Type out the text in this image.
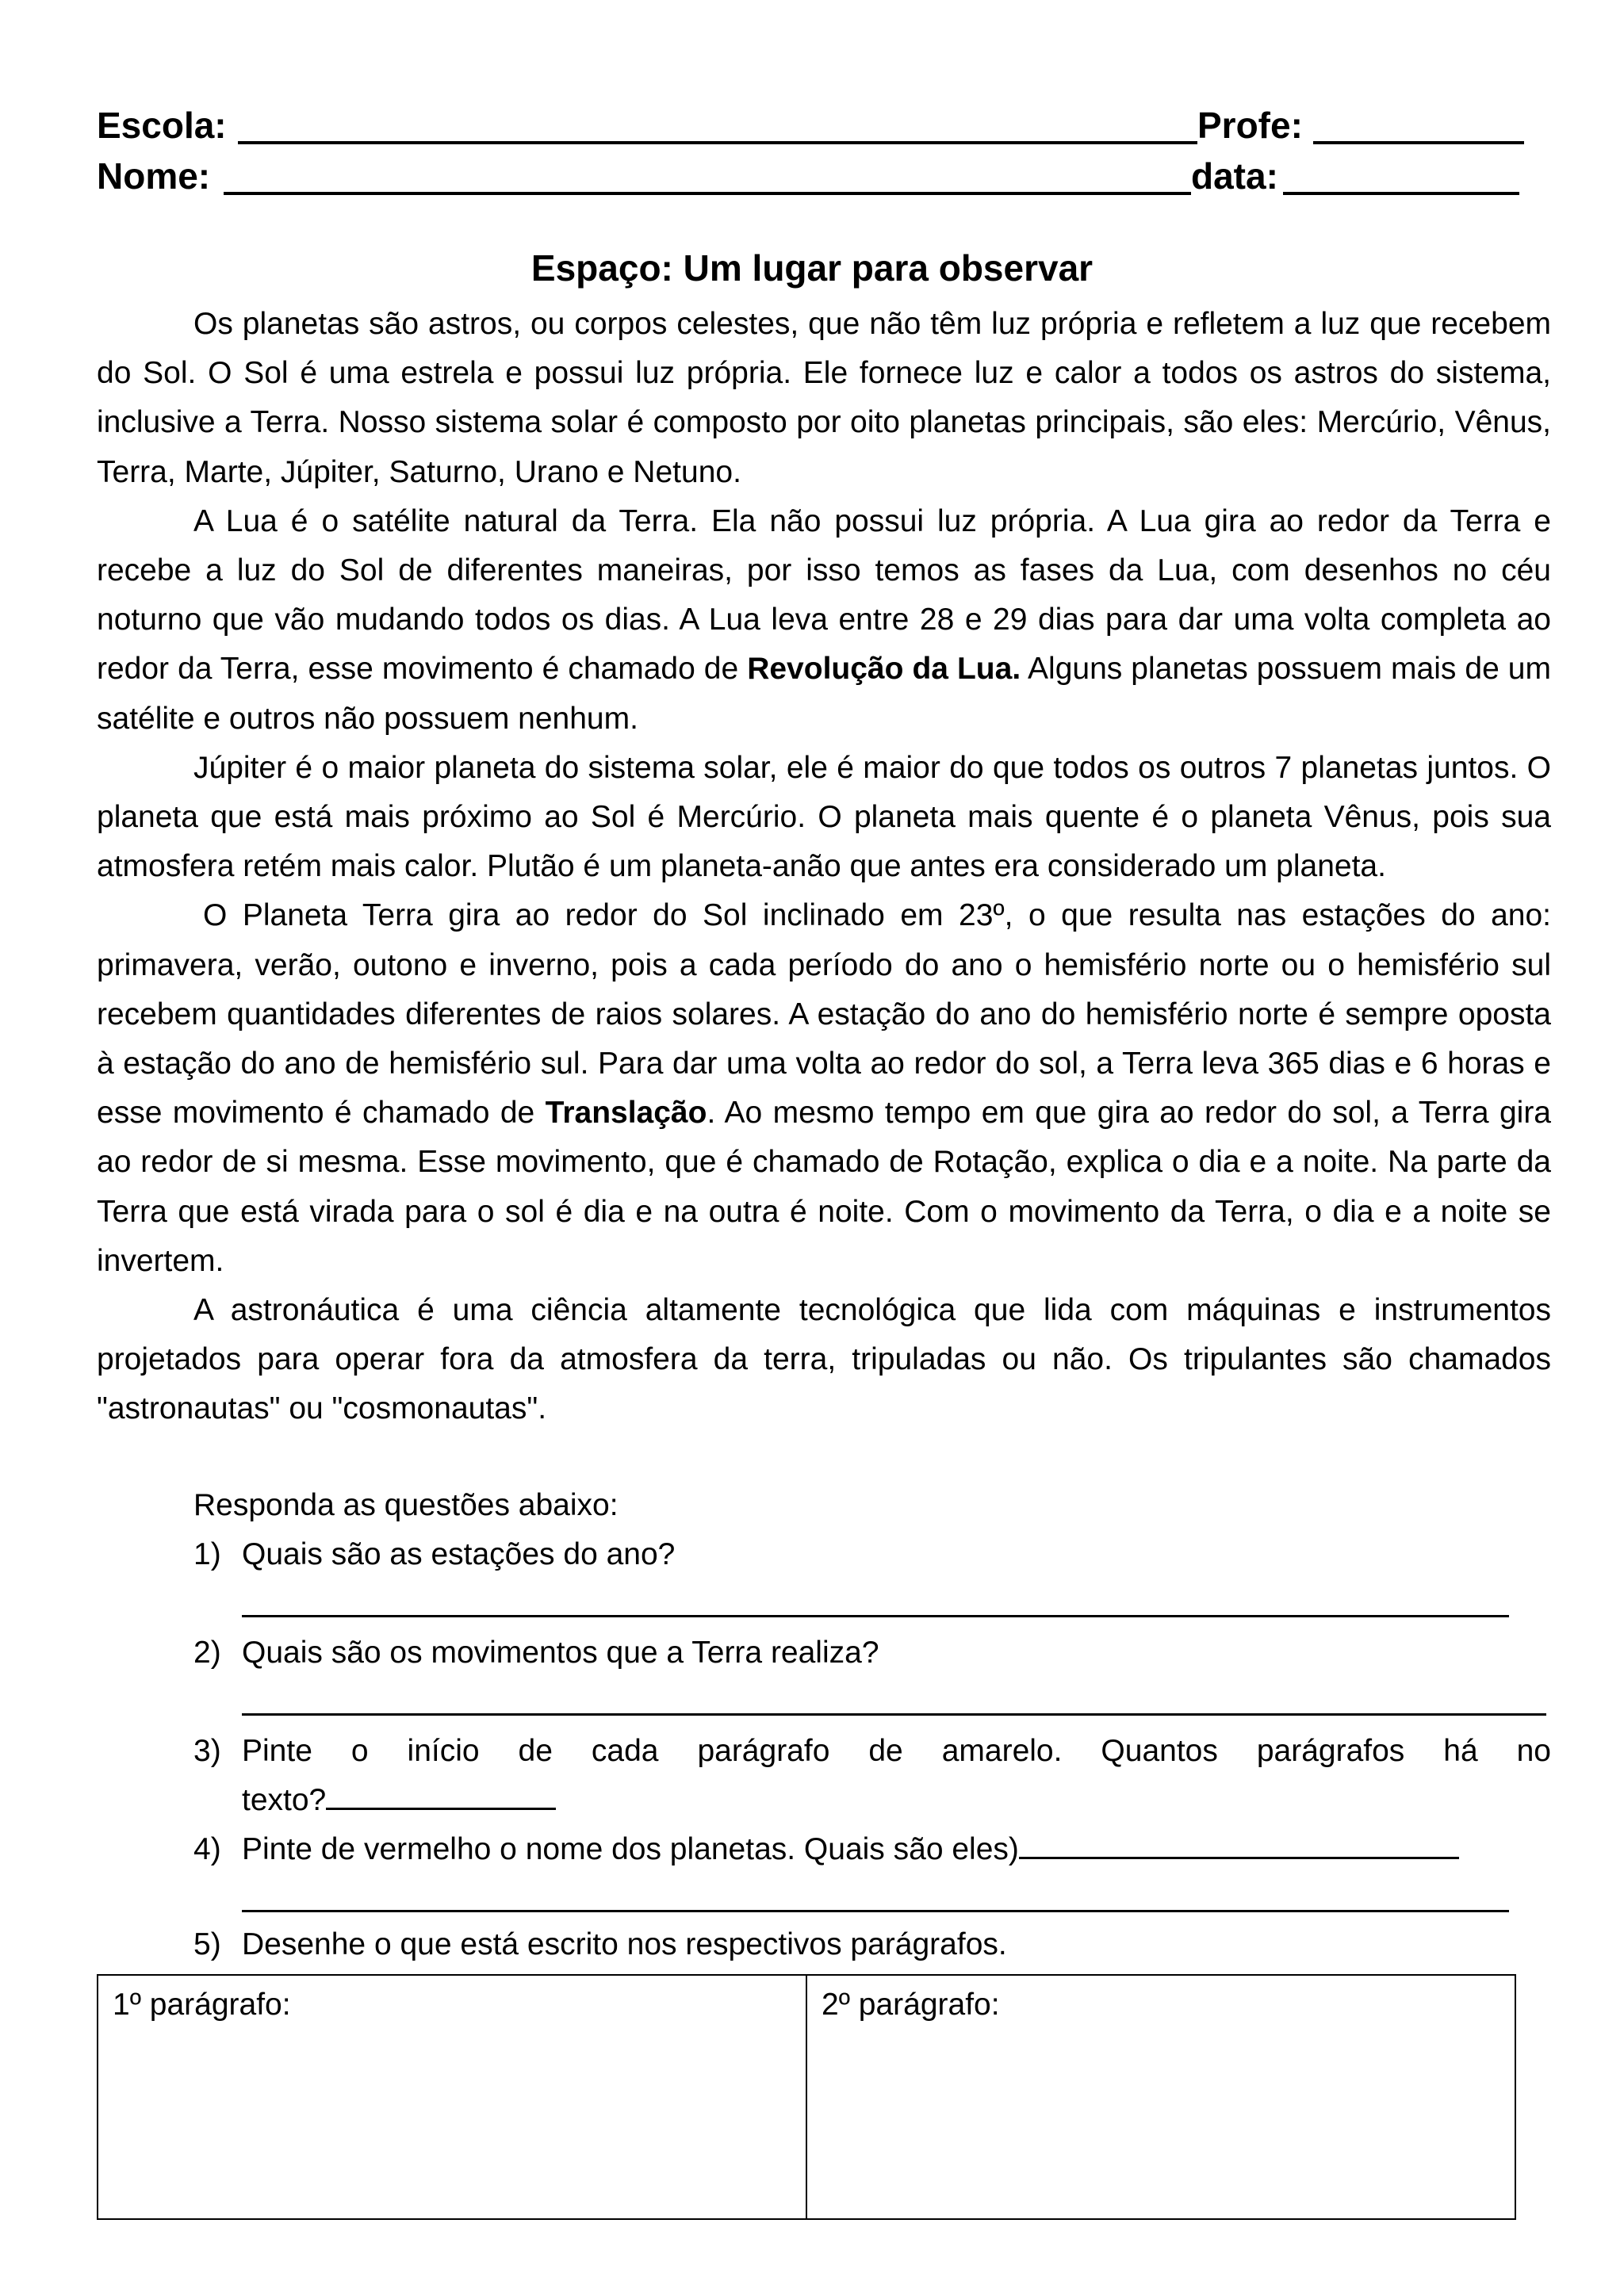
Escola:	Profe:
Nome:	data:
Espaço: Um lugar para observar

Os planetas são astros, ou corpos celestes, que não têm luz própria e refletem a luz que recebem do Sol. O Sol é uma estrela e possui luz própria. Ele fornece luz e calor a todos os astros do sistema, inclusive a Terra. Nosso sistema solar é composto por oito planetas principais, são eles: Mercúrio, Vênus, Terra, Marte, Júpiter, Saturno, Urano e Netuno.

A Lua é o satélite natural da Terra. Ela não possui luz própria. A Lua gira ao redor da Terra e recebe a luz do Sol de diferentes maneiras, por isso temos as fases da Lua, com desenhos no céu noturno que vão mudando todos os dias. A Lua leva entre 28 e 29 dias para dar uma volta completa ao redor da Terra, esse movimento é chamado de Revolução da Lua. Alguns planetas possuem mais de um satélite e outros não possuem nenhum.

Júpiter é o maior planeta do sistema solar, ele é maior do que todos os outros 7 planetas juntos. O planeta que está mais próximo ao Sol é Mercúrio. O planeta mais quente é o planeta Vênus, pois sua atmosfera retém mais calor. Plutão é um planeta-anão que antes era considerado um planeta.

O Planeta Terra gira ao redor do Sol inclinado em 23º, o que resulta nas estações do ano: primavera, verão, outono e inverno, pois a cada período do ano o hemisfério norte ou o hemisfério sul recebem quantidades diferentes de raios solares. A estação do ano do hemisfério norte é sempre oposta à estação do ano de hemisfério sul. Para dar uma volta ao redor do sol, a Terra leva 365 dias e 6 horas e esse movimento é chamado de Translação. Ao mesmo tempo em que gira ao redor do sol, a Terra gira ao redor de si mesma. Esse movimento, que é chamado de Rotação, explica o dia e a noite. Na parte da Terra que está virada para o sol é dia e na outra é noite. Com o movimento da Terra, o dia e a noite se invertem.

A astronáutica é uma ciência altamente tecnológica que lida com máquinas e instrumentos projetados para operar fora da atmosfera da terra, tripuladas ou não. Os tripulantes são chamados "astronautas" ou "cosmonautas".

Responda as questões abaixo:
1) Quais são as estações do ano?
2) Quais são os movimentos que a Terra realiza?
3) Pinte o início de cada parágrafo de amarelo. Quantos parágrafos há no
texto?
4) Pinte de vermelho o nome dos planetas. Quais são eles)
5) Desenhe o que está escrito nos respectivos parágrafos.
1º parágrafo:	2º parágrafo:
